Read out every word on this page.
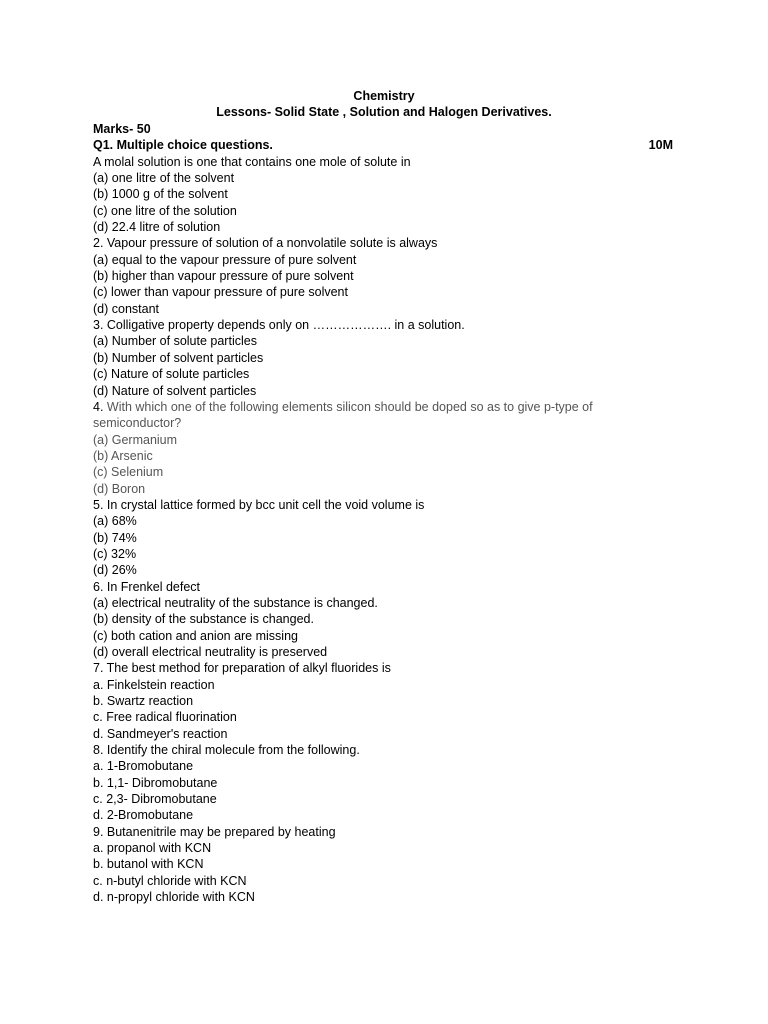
Chemistry
Lessons- Solid State , Solution and Halogen Derivatives.
Marks- 50
Q1. Multiple choice questions.	10M
A molal solution is one that contains one mole of solute in
(a) one litre of the solvent
(b) 1000 g of the solvent
(c) one litre of the solution
(d) 22.4 litre of solution
2. Vapour pressure of solution of a nonvolatile solute is always
(a) equal to the vapour pressure of pure solvent
(b) higher than vapour pressure of pure solvent
(c) lower than vapour pressure of pure solvent
(d) constant
3. Colligative property depends only on ………………. in a solution.
(a) Number of solute particles
(b) Number of solvent particles
(c) Nature of solute particles
(d) Nature of solvent particles
4. With which one of the following elements silicon should be doped so as to give p-type of semiconductor?
(a) Germanium
(b) Arsenic
(c) Selenium
(d) Boron
5. In crystal lattice formed by bcc unit cell the void volume is
(a) 68%
(b) 74%
(c) 32%
(d) 26%
6. In Frenkel defect
(a) electrical neutrality of the substance is changed.
(b) density of the substance is changed.
(c) both cation and anion are missing
(d) overall electrical neutrality is preserved
7. The best method for preparation of alkyl fluorides is
a. Finkelstein reaction
b. Swartz reaction
c. Free radical fluorination
d. Sandmeyer's reaction
8. Identify the chiral molecule from the following.
a. 1-Bromobutane
b. 1,1- Dibromobutane
c. 2,3- Dibromobutane
d. 2-Bromobutane
9. Butanenitrile may be prepared by heating
a. propanol with KCN
b. butanol with KCN
c. n-butyl chloride with KCN
d. n-propyl chloride with KCN
